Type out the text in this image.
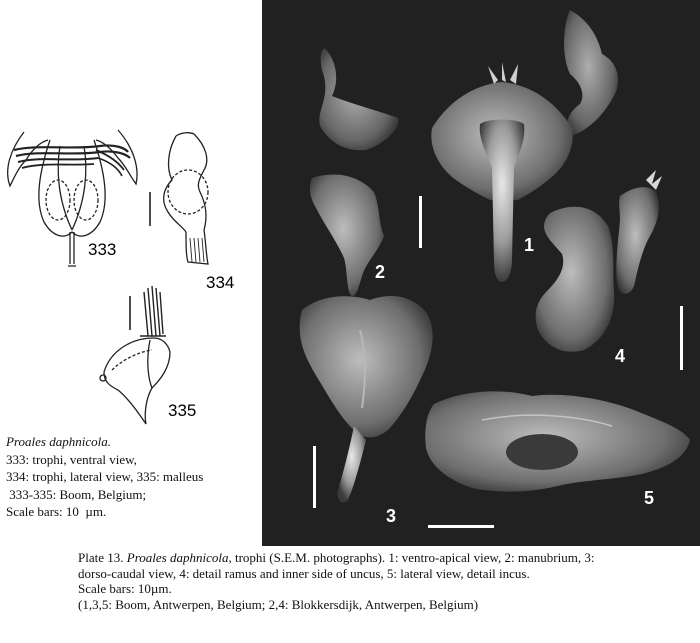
333
334
335
Proales daphnicola.
333: trophi, ventral view,
334: trophi, lateral view, 335: malleus
333-335: Boom, Belgium;
Scale bars: 10  µm.
1
2
3
4
5
Plate 13. Proales daphnicola, trophi (S.E.M. photographs). 1: ventro-apical view, 2: manubrium, 3:
dorso-caudal view, 4: detail ramus and inner side of uncus, 5: lateral view, detail incus.
Scale bars: 10µm.
(1,3,5: Boom, Antwerpen, Belgium; 2,4: Blokkersdijk, Antwerpen, Belgium)
